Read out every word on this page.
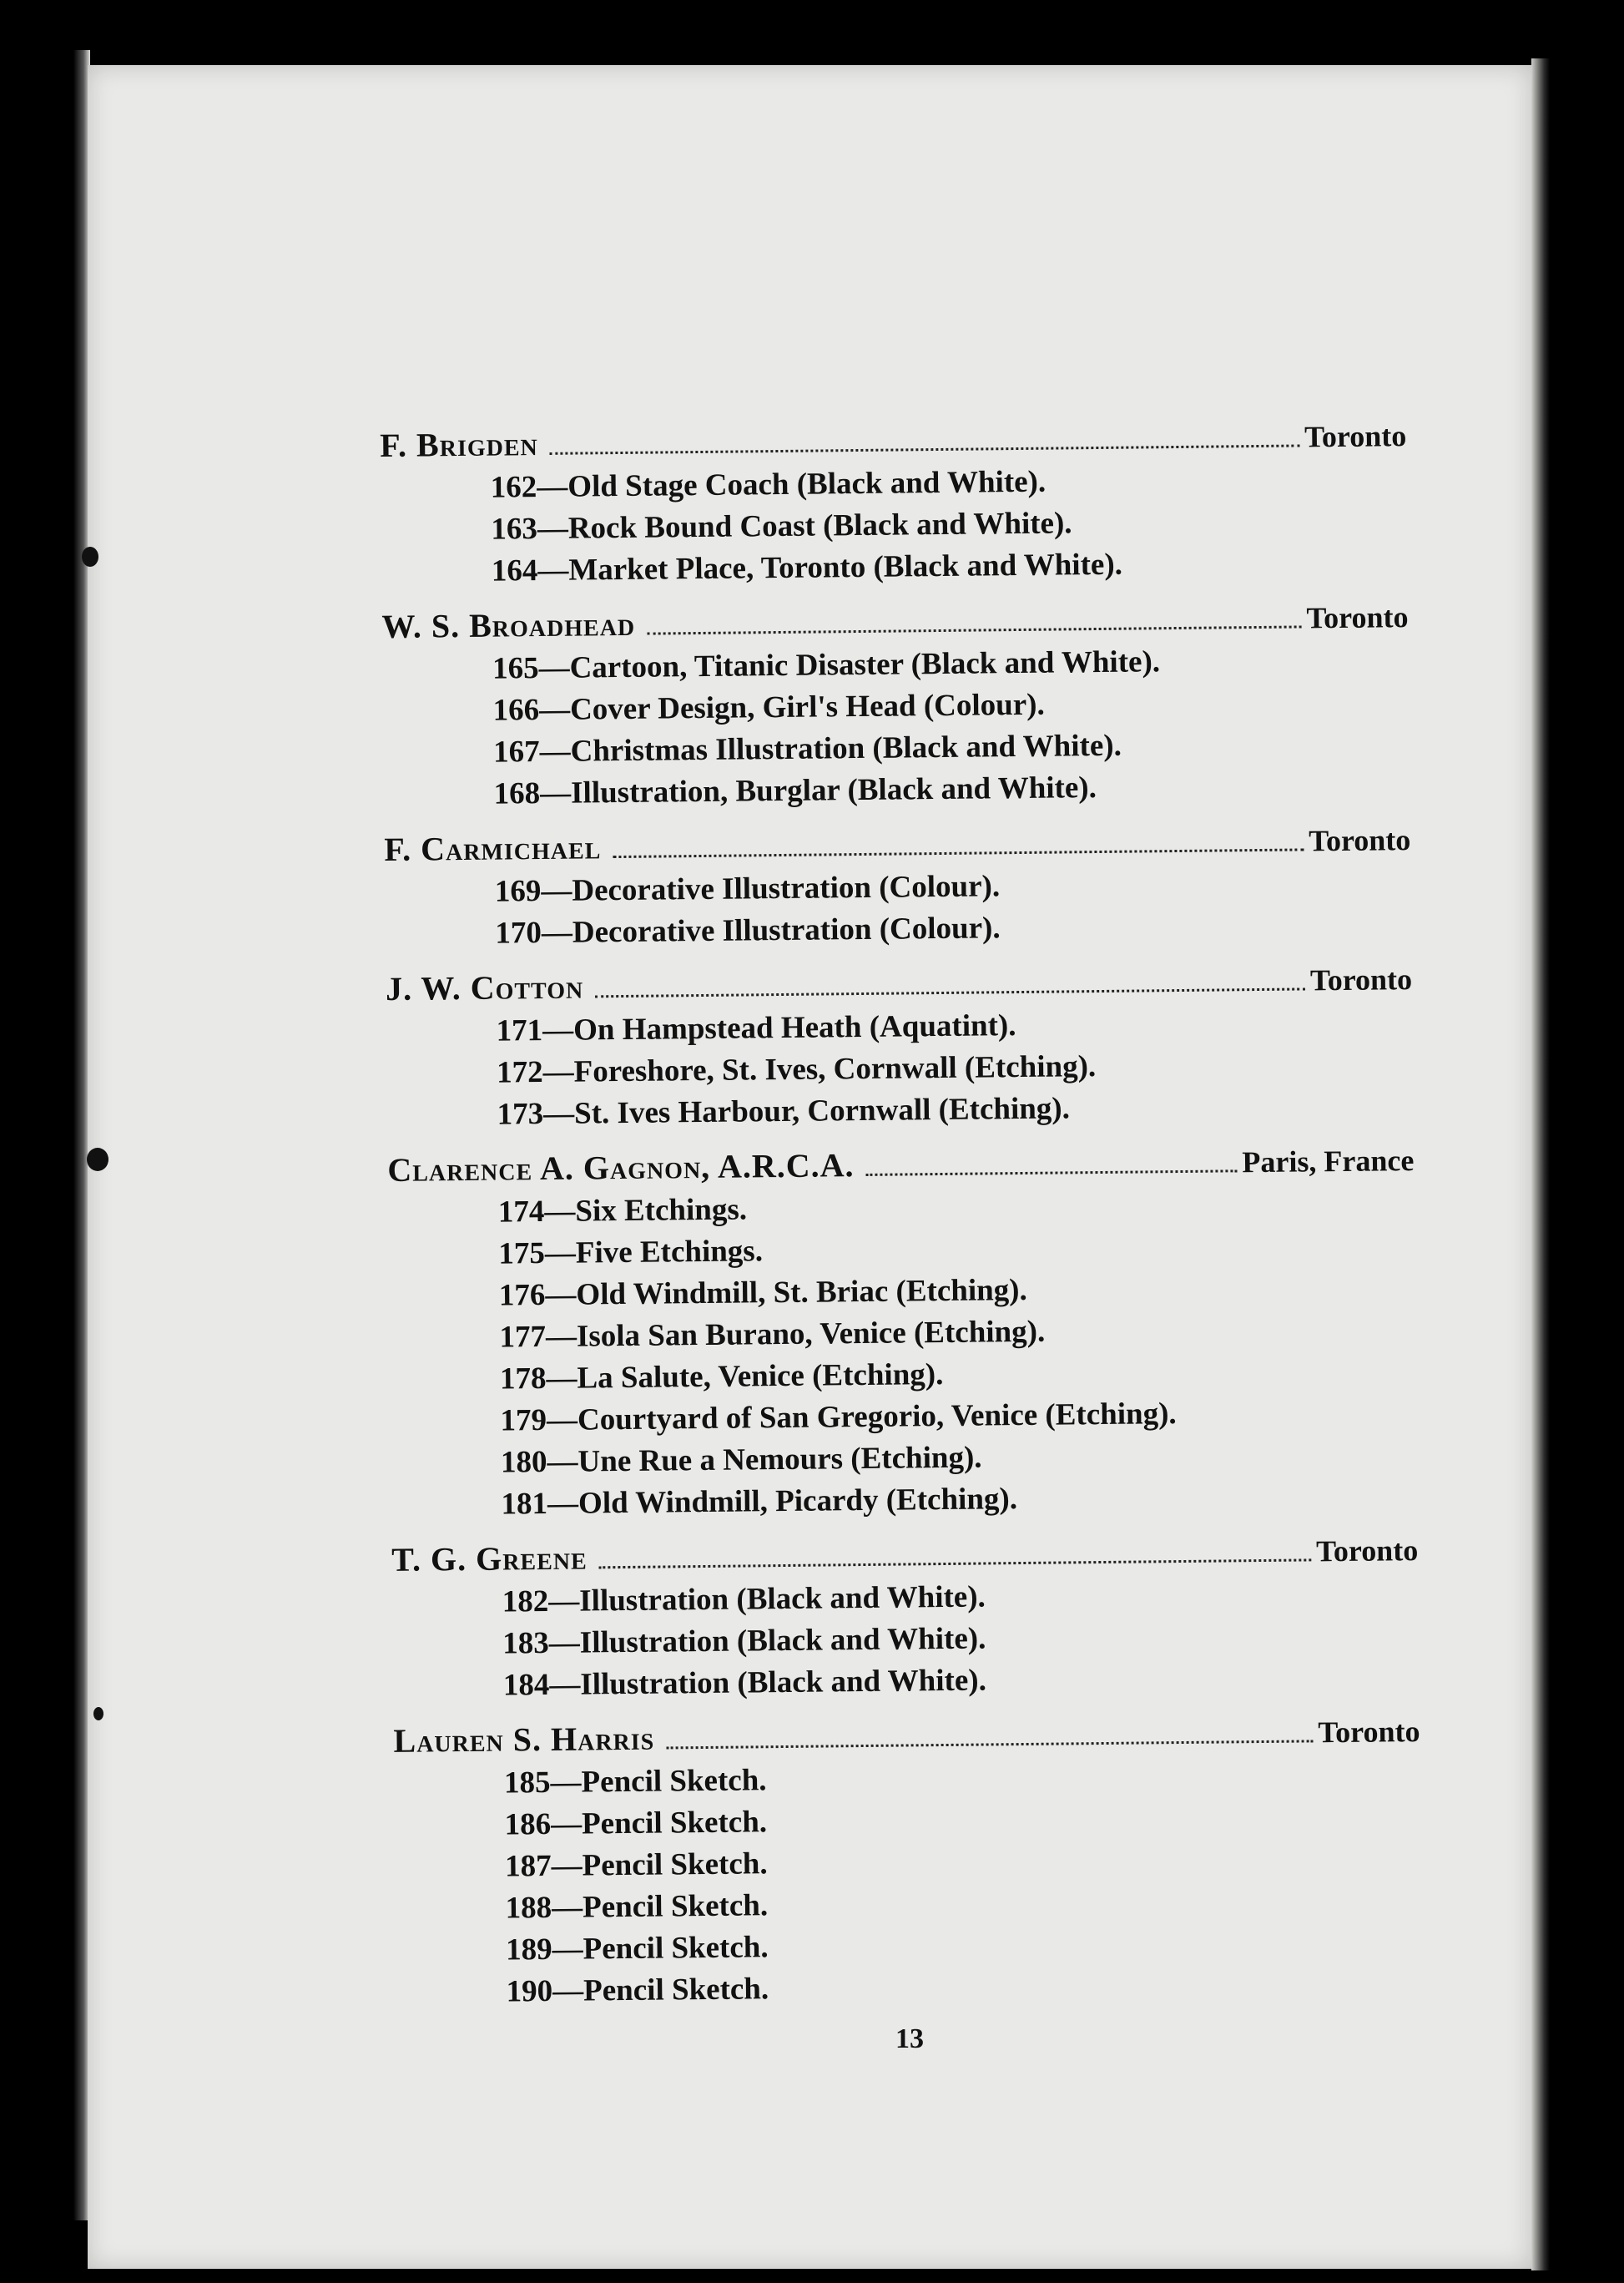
F. Brigden	Toronto
162—Old Stage Coach (Black and White).
163—Rock Bound Coast (Black and White).
164—Market Place, Toronto (Black and White).
W. S. Broadhead	Toronto
165—Cartoon, Titanic Disaster (Black and White).
166—Cover Design, Girl's Head (Colour).
167—Christmas Illustration (Black and White).
168—Illustration, Burglar (Black and White).
F. Carmichael	Toronto
169—Decorative Illustration (Colour).
170—Decorative Illustration (Colour).
J. W. Cotton	Toronto
171—On Hampstead Heath (Aquatint).
172—Foreshore, St. Ives, Cornwall (Etching).
173—St. Ives Harbour, Cornwall (Etching).
Clarence A. Gagnon, A.R.C.A.	Paris, France
174—Six Etchings.
175—Five Etchings.
176—Old Windmill, St. Briac (Etching).
177—Isola San Burano, Venice (Etching).
178—La Salute, Venice (Etching).
179—Courtyard of San Gregorio, Venice (Etching).
180—Une Rue a Nemours (Etching).
181—Old Windmill, Picardy (Etching).
T. G. Greene	Toronto
182—Illustration (Black and White).
183—Illustration (Black and White).
184—Illustration (Black and White).
Lauren S. Harris	Toronto
185—Pencil Sketch.
186—Pencil Sketch.
187—Pencil Sketch.
188—Pencil Sketch.
189—Pencil Sketch.
190—Pencil Sketch.
13
